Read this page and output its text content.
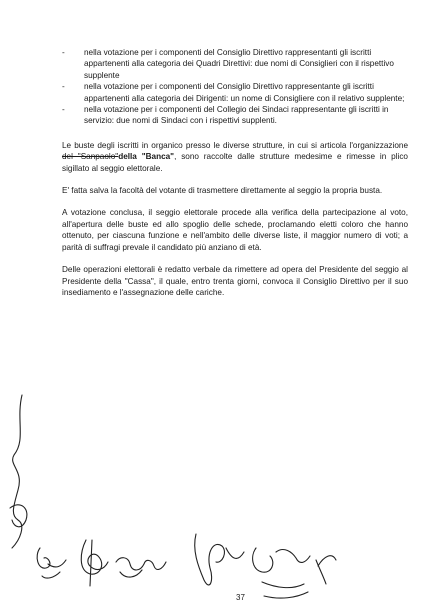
- nella votazione per i componenti del Consiglio Direttivo rappresentanti gli iscritti appartenenti alla categoria dei Quadri Direttivi: due nomi di Consiglieri con il rispettivo supplente

- nella votazione per i componenti del Consiglio Direttivo rappresentante gli iscritti appartenenti alla categoria dei Dirigenti: un nome di Consigliere con il relativo supplente;

- nella votazione per i componenti del Collegio dei Sindaci rappresentante gli iscritti in servizio: due nomi di Sindaci con i rispettivi supplenti.

Le buste degli iscritti in organico presso le diverse strutture, in cui si articola l'organizzazione del "Sanpaolo"della "Banca", sono raccolte dalle strutture medesime e rimesse in plico sigillato al seggio elettorale.

E' fatta salva la facoltà del votante di trasmettere direttamente al seggio la propria busta.

A votazione conclusa, il seggio elettorale procede alla verifica della partecipazione al voto, all'apertura delle buste ed allo spoglio delle schede, proclamando eletti coloro che hanno ottenuto, per ciascuna funzione e nell'ambito delle diverse liste, il maggior numero di voti; a parità di suffragi prevale il candidato più anziano di età.

Delle operazioni elettorali è redatto verbale da rimettere ad opera del Presidente del seggio al Presidente della "Cassa", il quale, entro trenta giorni, convoca il Consiglio Direttivo per il suo insediamento e l'assegnazione delle cariche.

37
